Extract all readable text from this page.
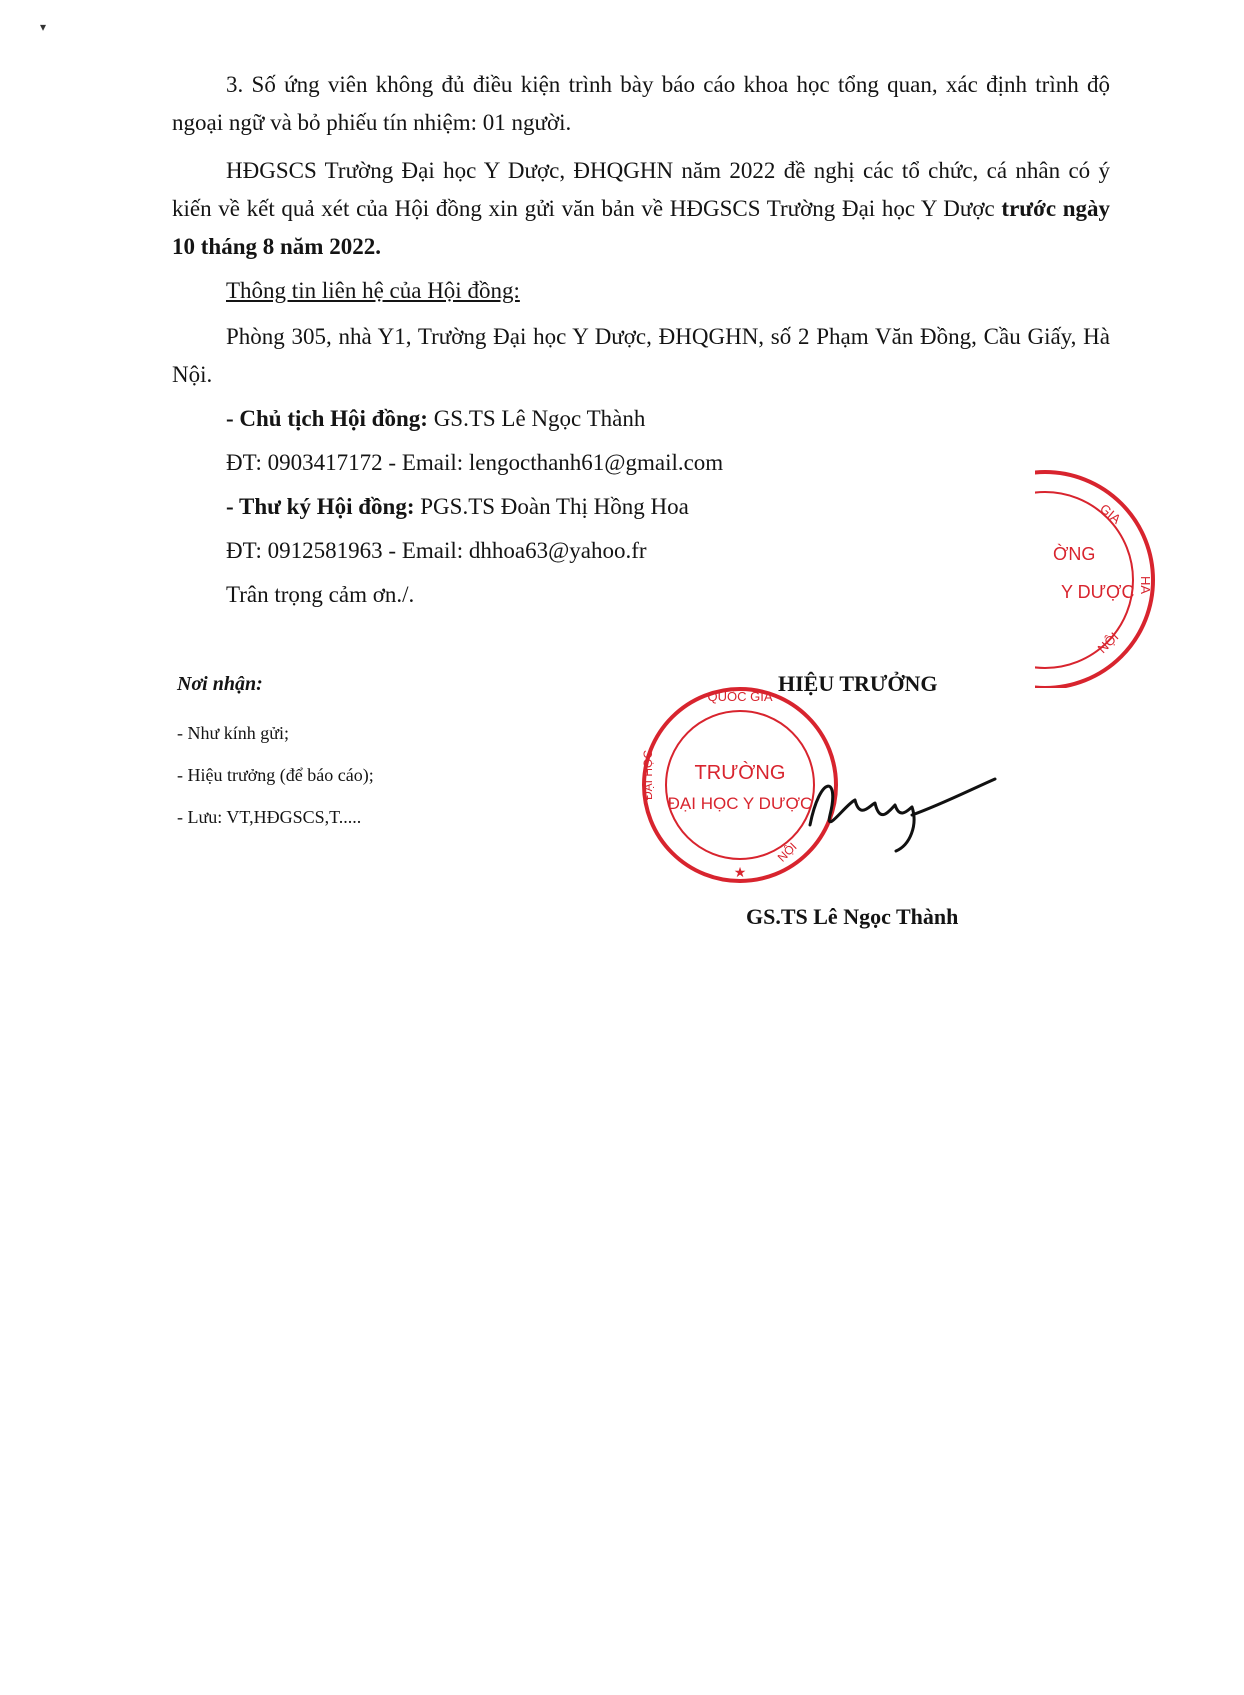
▾

3. Số ứng viên không đủ điều kiện trình bày báo cáo khoa học tổng quan, xác định trình độ ngoại ngữ và bỏ phiếu tín nhiệm: 01 người.

HĐGSCS Trường Đại học Y Dược, ĐHQGHN năm 2022 đề nghị các tổ chức, cá nhân có ý kiến về kết quả xét của Hội đồng xin gửi văn bản về HĐGSCS Trường Đại học Y Dược trước ngày 10 tháng 8 năm 2022.

Thông tin liên hệ của Hội đồng:

Phòng 305, nhà Y1, Trường Đại học Y Dược, ĐHQGHN, số 2 Phạm Văn Đồng, Cầu Giấy, Hà Nội.

- Chủ tịch Hội đồng: GS.TS Lê Ngọc Thành

ĐT: 0903417172 - Email: lengocthanh61@gmail.com

- Thư ký Hội đồng: PGS.TS Đoàn Thị Hồng Hoa

ĐT: 0912581963 - Email: dhhoa63@yahoo.fr

Trân trọng cảm ơn./.

Nơi nhận:
- Như kính gửi;
- Hiệu trưởng (để báo cáo);
- Lưu: VT,HĐGSCS,T.....
ỜNG
Y DƯỢC
GIA
HÀ
NỘI
HIỆU TRƯỞNG
TRƯỜNG
ĐẠI HỌC Y DƯỢC
QUỐC GIA
ĐẠI HỌC
NỘI
★
GS.TS Lê Ngọc Thành
